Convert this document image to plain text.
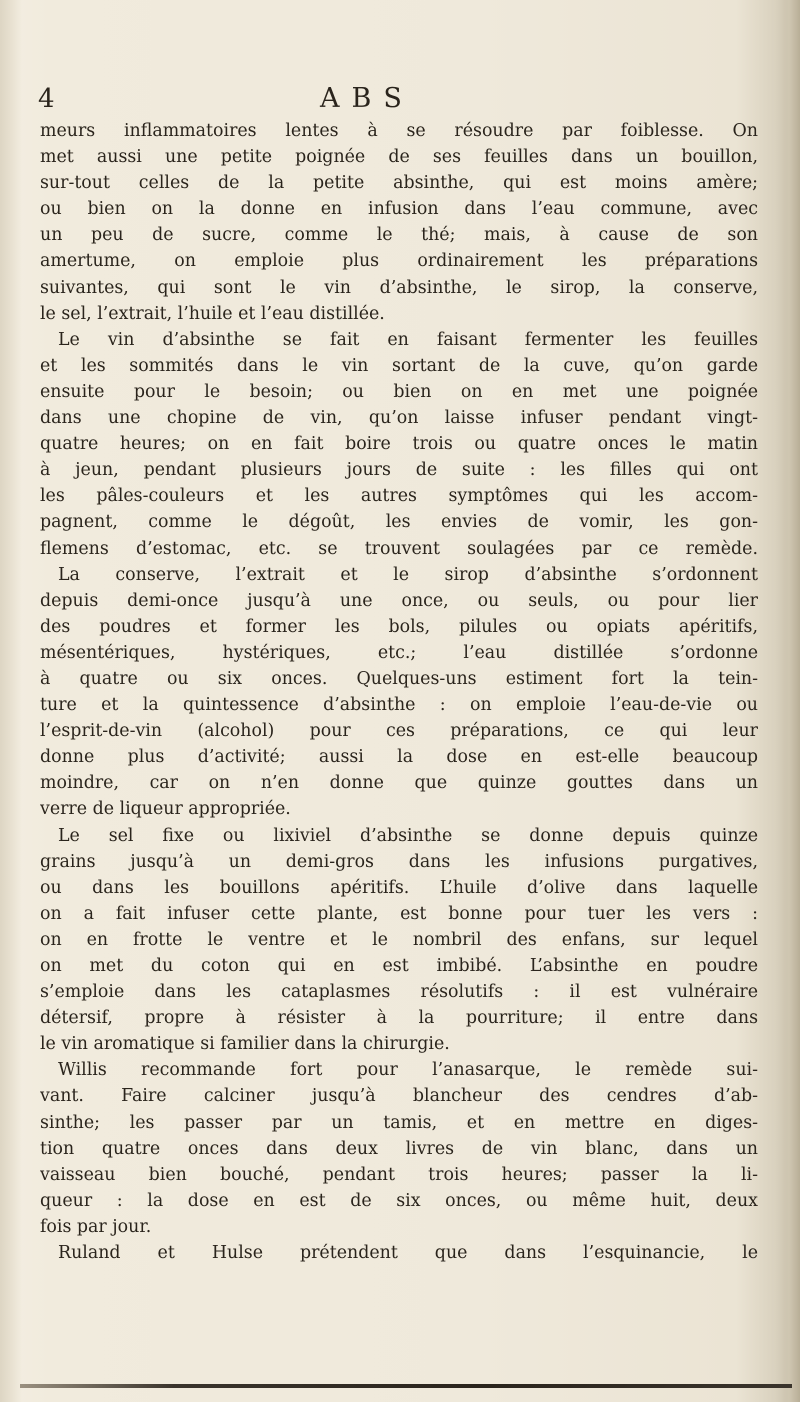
4	ABS
meurs inflammatoires lentes à se résoudre par foiblesse. On
met aussi une petite poignée de ses feuilles dans un bouillon,
sur-tout celles de la petite absinthe, qui est moins amère;
ou bien on la donne en infusion dans l’eau commune, avec
un peu de sucre, comme le thé; mais, à cause de son
amertume, on emploie plus ordinairement les préparations
suivantes, qui sont le vin d’absinthe, le sirop, la conserve,
le sel, l’extrait, l’huile et l’eau distillée.
Le vin d’absinthe se fait en faisant fermenter les feuilles
et les sommités dans le vin sortant de la cuve, qu’on garde
ensuite pour le besoin; ou bien on en met une poignée
dans une chopine de vin, qu’on laisse infuser pendant vingt-
quatre heures; on en fait boire trois ou quatre onces le matin
à jeun, pendant plusieurs jours de suite : les filles qui ont
les pâles-couleurs et les autres symptômes qui les accom-
pagnent, comme le dégoût, les envies de vomir, les gon-
flemens d’estomac, etc. se trouvent soulagées par ce remède.
La conserve, l’extrait et le sirop d’absinthe s’ordonnent
depuis demi-once jusqu’à une once, ou seuls, ou pour lier
des poudres et former les bols, pilules ou opiats apéritifs,
mésentériques, hystériques, etc.; l’eau distillée s’ordonne
à quatre ou six onces. Quelques-uns estiment fort la tein-
ture et la quintessence d’absinthe : on emploie l’eau-de-vie ou
l’esprit-de-vin (alcohol) pour ces préparations, ce qui leur
donne plus d’activité; aussi la dose en est-elle beaucoup
moindre, car on n’en donne que quinze gouttes dans un
verre de liqueur appropriée.
Le sel fixe ou lixiviel d’absinthe se donne depuis quinze
grains jusqu’à un demi-gros dans les infusions purgatives,
ou dans les bouillons apéritifs. L’huile d’olive dans laquelle
on a fait infuser cette plante, est bonne pour tuer les vers :
on en frotte le ventre et le nombril des enfans, sur lequel
on met du coton qui en est imbibé. L’absinthe en poudre
s’emploie dans les cataplasmes résolutifs : il est vulnéraire
détersif, propre à résister à la pourriture; il entre dans
le vin aromatique si familier dans la chirurgie.
Willis recommande fort pour l’anasarque, le remède sui-
vant. Faire calciner jusqu’à blancheur des cendres d’ab-
sinthe; les passer par un tamis, et en mettre en diges-
tion quatre onces dans deux livres de vin blanc, dans un
vaisseau bien bouché, pendant trois heures; passer la li-
queur : la dose en est de six onces, ou même huit, deux
fois par jour.
Ruland et Hulse prétendent que dans l’esquinancie, le
